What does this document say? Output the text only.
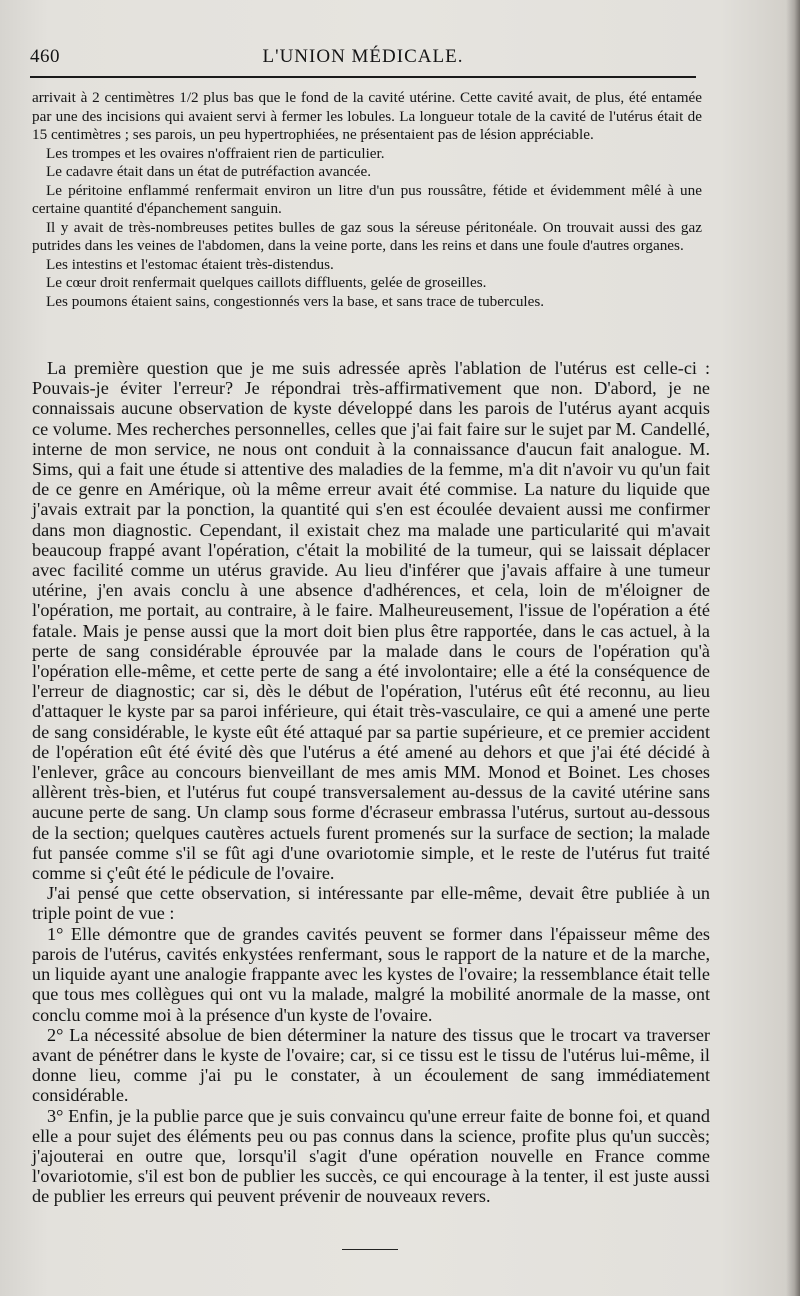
460	L'UNION MÉDICALE.

arrivait à 2 centimètres 1/2 plus bas que le fond de la cavité utérine. Cette cavité avait, de plus, été entamée par une des incisions qui avaient servi à fermer les lobules. La longueur totale de la cavité de l'utérus était de 15 centimètres ; ses parois, un peu hypertrophiées, ne présentaient pas de lésion appréciable.

Les trompes et les ovaires n'offraient rien de particulier.

Le cadavre était dans un état de putréfaction avancée.

Le péritoine enflammé renfermait environ un litre d'un pus roussâtre, fétide et évidemment mêlé à une certaine quantité d'épanchement sanguin.

Il y avait de très-nombreuses petites bulles de gaz sous la séreuse péritonéale. On trouvait aussi des gaz putrides dans les veines de l'abdomen, dans la veine porte, dans les reins et dans une foule d'autres organes.

Les intestins et l'estomac étaient très-distendus.

Le cœur droit renfermait quelques caillots diffluents, gelée de groseilles.

Les poumons étaient sains, congestionnés vers la base, et sans trace de tubercules.

La première question que je me suis adressée après l'ablation de l'utérus est celle-ci : Pouvais-je éviter l'erreur? Je répondrai très-affirmativement que non. D'abord, je ne connaissais aucune observation de kyste développé dans les parois de l'utérus ayant acquis ce volume. Mes recherches personnelles, celles que j'ai fait faire sur le sujet par M. Candellé, interne de mon service, ne nous ont conduit à la connaissance d'aucun fait analogue. M. Sims, qui a fait une étude si attentive des maladies de la femme, m'a dit n'avoir vu qu'un fait de ce genre en Amérique, où la même erreur avait été commise. La nature du liquide que j'avais extrait par la ponction, la quantité qui s'en est écoulée devaient aussi me confirmer dans mon diagnostic. Cependant, il existait chez ma malade une particularité qui m'avait beaucoup frappé avant l'opération, c'était la mobilité de la tumeur, qui se laissait déplacer avec facilité comme un utérus gravide. Au lieu d'inférer que j'avais affaire à une tumeur utérine, j'en avais conclu à une absence d'adhérences, et cela, loin de m'éloigner de l'opération, me portait, au contraire, à le faire. Malheureusement, l'issue de l'opération a été fatale. Mais je pense aussi que la mort doit bien plus être rapportée, dans le cas actuel, à la perte de sang considérable éprouvée par la malade dans le cours de l'opération qu'à l'opération elle-même, et cette perte de sang a été involontaire; elle a été la conséquence de l'erreur de diagnostic; car si, dès le début de l'opération, l'utérus eût été reconnu, au lieu d'attaquer le kyste par sa paroi inférieure, qui était très-vasculaire, ce qui a amené une perte de sang considérable, le kyste eût été attaqué par sa partie supérieure, et ce premier accident de l'opération eût été évité dès que l'utérus a été amené au dehors et que j'ai été décidé à l'enlever, grâce au concours bienveillant de mes amis MM. Monod et Boinet. Les choses allèrent très-bien, et l'utérus fut coupé transversalement au-dessus de la cavité utérine sans aucune perte de sang. Un clamp sous forme d'écraseur embrassa l'utérus, surtout au-dessous de la section; quelques cautères actuels furent promenés sur la surface de section; la malade fut pansée comme s'il se fût agi d'une ovariotomie simple, et le reste de l'utérus fut traité comme si ç'eût été le pédicule de l'ovaire.

J'ai pensé que cette observation, si intéressante par elle-même, devait être publiée à un triple point de vue :

1° Elle démontre que de grandes cavités peuvent se former dans l'épaisseur même des parois de l'utérus, cavités enkystées renfermant, sous le rapport de la nature et de la marche, un liquide ayant une analogie frappante avec les kystes de l'ovaire; la ressemblance était telle que tous mes collègues qui ont vu la malade, malgré la mobilité anormale de la masse, ont conclu comme moi à la présence d'un kyste de l'ovaire.

2° La nécessité absolue de bien déterminer la nature des tissus que le trocart va traverser avant de pénétrer dans le kyste de l'ovaire; car, si ce tissu est le tissu de l'utérus lui-même, il donne lieu, comme j'ai pu le constater, à un écoulement de sang immédiatement considérable.

3° Enfin, je la publie parce que je suis convaincu qu'une erreur faite de bonne foi, et quand elle a pour sujet des éléments peu ou pas connus dans la science, profite plus qu'un succès; j'ajouterai en outre que, lorsqu'il s'agit d'une opération nouvelle en France comme l'ovariotomie, s'il est bon de publier les succès, ce qui encourage à la tenter, il est juste aussi de publier les erreurs qui peuvent prévenir de nouveaux revers.
